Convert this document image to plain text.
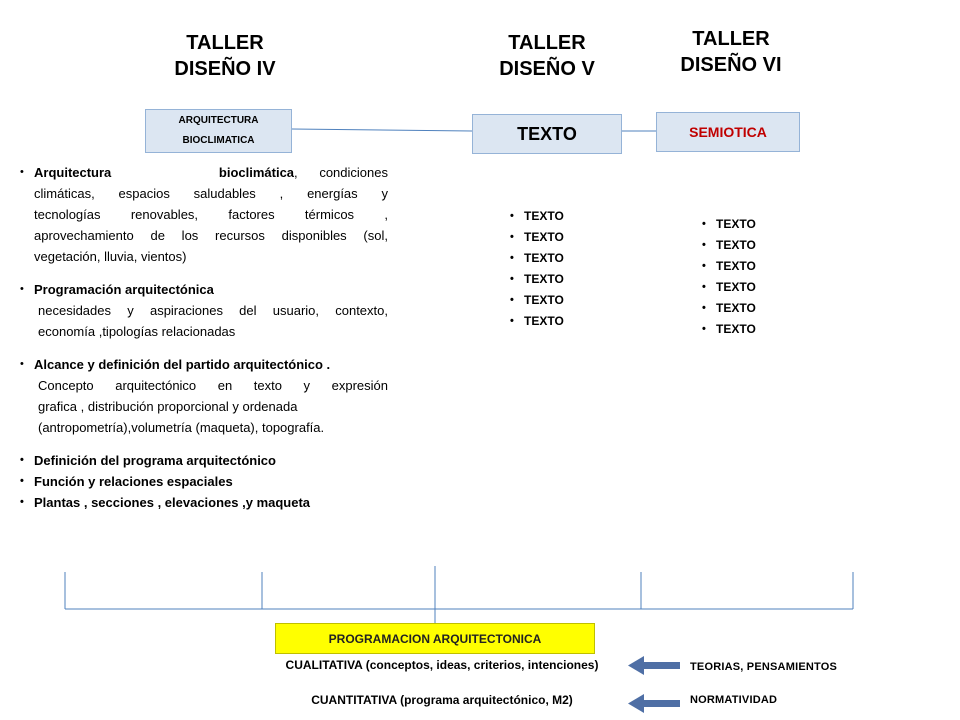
TALLER
DISEÑO IV
TALLER
DISEÑO V
TALLER
DISEÑO VI
ARQUITECTURA
BIOCLIMATICA	TEXTO	SEMIOTICA
• Arquitectura bioclimática ,      condiciones
climáticas, espacios saludables , energías y
tecnologías renovables, factores térmicos ,
aprovechamiento de los recursos disponibles (sol,
vegetación, lluvia, vientos)
• Programación arquitectónica
necesidades y aspiraciones del usuario, contexto,
economía ,tipologías relacionadas
• Alcance y definición del partido arquitectónico .
Concepto arquitectónico en texto y expresión
grafica , distribución proporcional y ordenada
(antropometría),volumetría (maqueta), topografía.
• Definición del programa arquitectónico
• Función y relaciones espaciales
• Plantas , secciones , elevaciones ,y maqueta
• TEXTO
• TEXTO
• TEXTO
• TEXTO
• TEXTO
• TEXTO
• TEXTO
• TEXTO
• TEXTO
• TEXTO
• TEXTO
• TEXTO
PROGRAMACION ARQUITECTONICA
CUALITATIVA (conceptos, ideas, criterios, intenciones)
CUANTITATIVA (programa arquitectónico, M2)
TEORIAS, PENSAMIENTOS
NORMATIVIDAD
